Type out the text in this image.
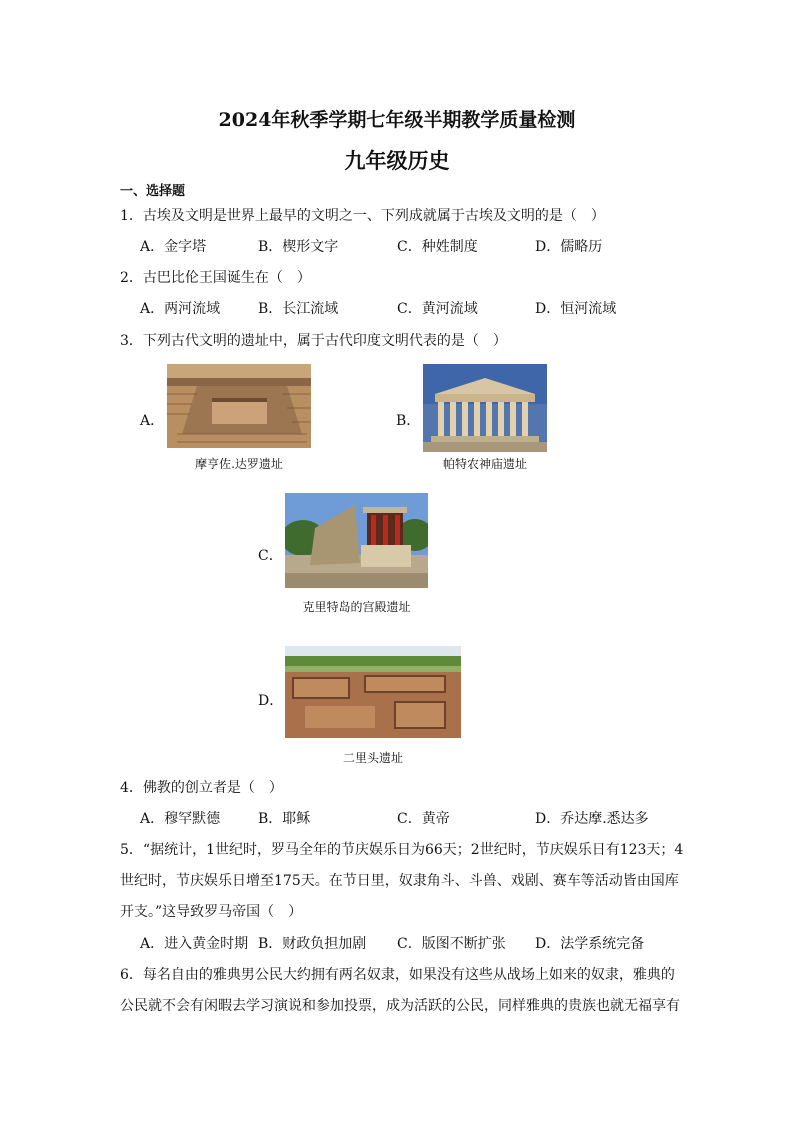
2024年秋季学期七年级半期教学质量检测
九年级历史
一、选择题
1．古埃及文明是世界上最早的文明之一、下列成就属于古埃及文明的是（　）
A．金字塔	B．楔形文字	C．种姓制度	D．儒略历
2．古巴比伦王国诞生在（　）
A．两河流域	B．长江流域	C．黄河流域	D．恒河流域
3．下列古代文明的遗址中，属于古代印度文明代表的是（　）
A．
摩亨佐.达罗遗址
B．
帕特农神庙遗址
C．
克里特岛的宫殿遗址
D．
二里头遗址
4．佛教的创立者是（　）
A．穆罕默德	B．耶稣	C．黄帝	D．乔达摩.悉达多
5．“据统计，1世纪时，罗马全年的节庆娱乐日为66天；2世纪时，节庆娱乐日有123天；4
世纪时，节庆娱乐日增至175天。在节日里，奴隶角斗、斗兽、戏剧、赛车等活动皆由国库
开支。”这导致罗马帝国（　）
A．进入黄金时期 B．财政负担加剧 C．版图不断扩张 D．法学系统完备
6．每名自由的雅典男公民大约拥有两名奴隶，如果没有这些从战场上如来的奴隶，雅典的
公民就不会有闲暇去学习演说和参加投票，成为活跃的公民，同样雅典的贵族也就无福享有
